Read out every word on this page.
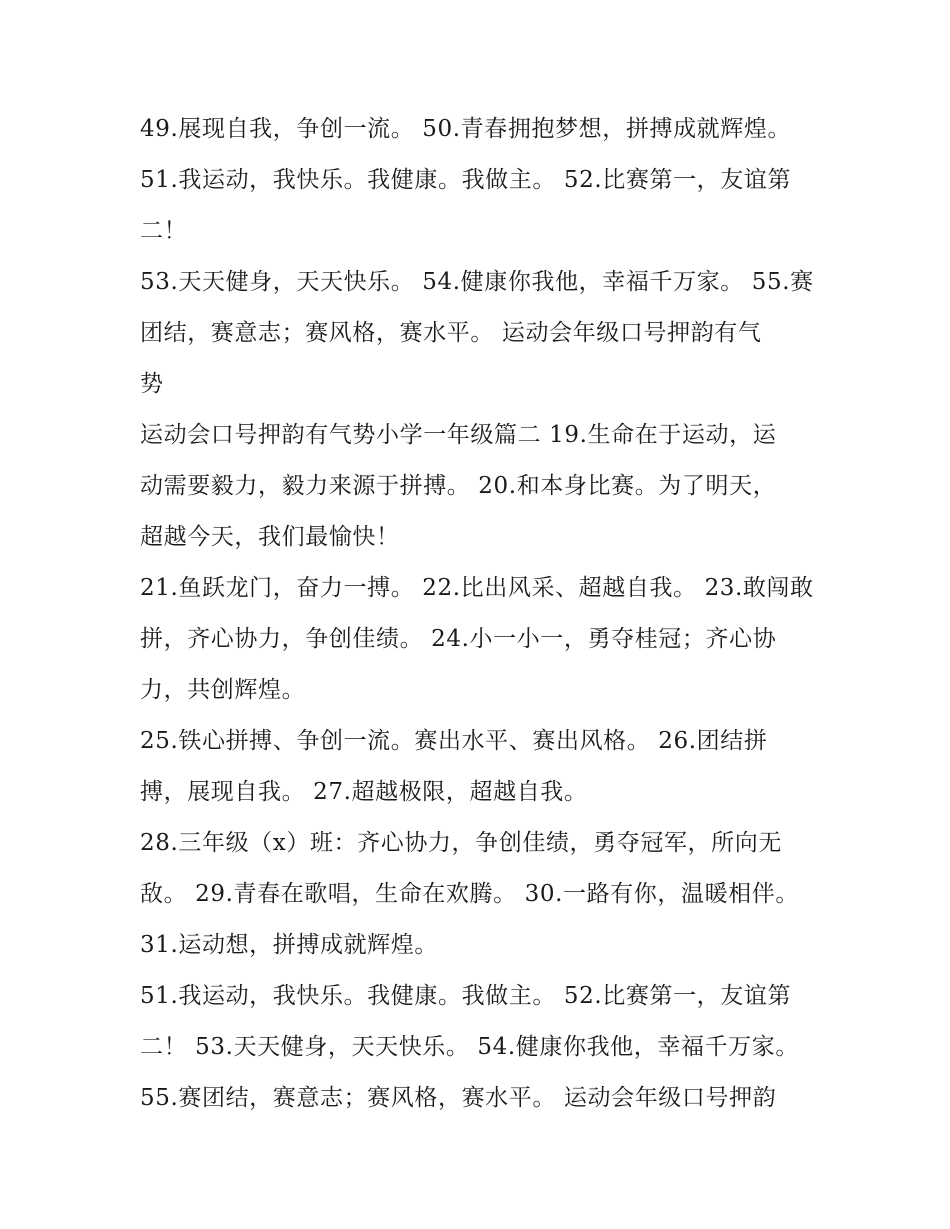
49.展现自我，争创一流。 50.青春拥抱梦想，拼搏成就辉煌。
51.我运动，我快乐。我健康。我做主。 52.比赛第一，友谊第
二！
53.天天健身，天天快乐。 54.健康你我他，幸福千万家。 55.赛
团结，赛意志；赛风格，赛水平。 运动会年级口号押韵有气
势
运动会口号押韵有气势小学一年级篇二 19.生命在于运动，运
动需要毅力，毅力来源于拼搏。 20.和本身比赛。为了明天，
超越今天，我们最愉快！
21.鱼跃龙门，奋力一搏。 22.比出风采、超越自我。 23.敢闯敢
拼，齐心协力，争创佳绩。 24.小一小一，勇夺桂冠；齐心协
力，共创辉煌。
25.铁心拼搏、争创一流。赛出水平、赛出风格。 26.团结拼
搏，展现自我。 27.超越极限，超越自我。
28.三年级（x）班：齐心协力，争创佳绩，勇夺冠军，所向无
敌。 29.青春在歌唱，生命在欢腾。 30.一路有你，温暖相伴。
31.运动想，拼搏成就辉煌。
51.我运动，我快乐。我健康。我做主。 52.比赛第一，友谊第
二！ 53.天天健身，天天快乐。 54.健康你我他，幸福千万家。
55.赛团结，赛意志；赛风格，赛水平。 运动会年级口号押韵
